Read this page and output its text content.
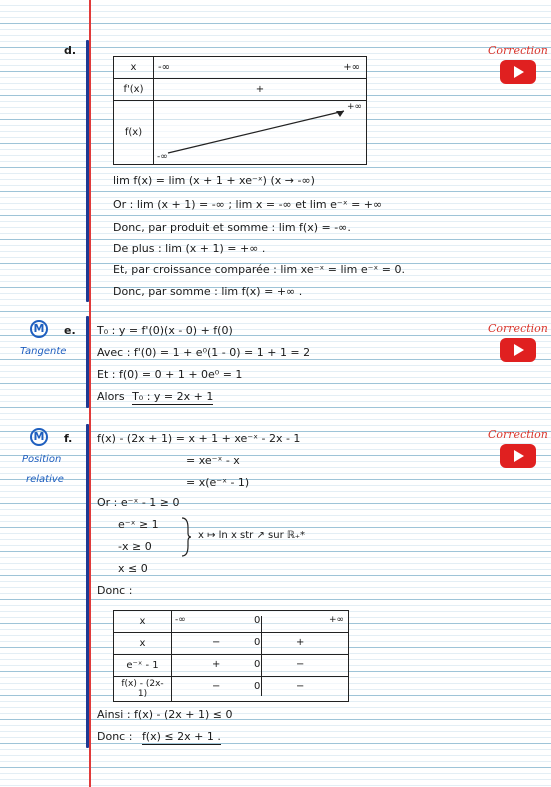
d.
x	-∞ +∞

f'(x)	+
f(x)	-∞
+∞
lim f(x) = lim (x + 1 + xe⁻ˣ) (x → -∞)
Or : lim (x + 1) = -∞ ; lim x = -∞ et lim e⁻ˣ = +∞
Donc, par produit et somme : lim f(x) = -∞.
De plus : lim (x + 1) = +∞ .
Et, par croissance comparée : lim xe⁻ˣ = lim e⁻ˣ = 0.
Donc, par somme : lim f(x) = +∞ .
Correction
M
Tangente
e. T₀ : y = f'(0)(x - 0) + f(0)
Avec : f'(0) = 1 + e⁰(1 - 0) = 1 + 1 = 2
Et : f(0) = 0 + 1 + 0e⁰ = 1
Alors T₀ : y = 2x + 1
Correction
M
Position
relative
f. f(x) - (2x + 1) = x + 1 + xe⁻ˣ - 2x - 1
= xe⁻ˣ - x
= x(e⁻ˣ - 1)
Or : e⁻ˣ - 1 ≥ 0
e⁻ˣ ≥ 1
-x ≥ 0
x ≤ 0
x ↦ ln x str ↗ sur ℝ₊*
Donc :
x	-∞ 0 +∞

x	− 0 +

e⁻ˣ - 1	+ 0 −

f(x) - (2x-1)	− 0 −
Ainsi : f(x) - (2x + 1) ≤ 0
Donc : f(x) ≤ 2x + 1 .
Correction
